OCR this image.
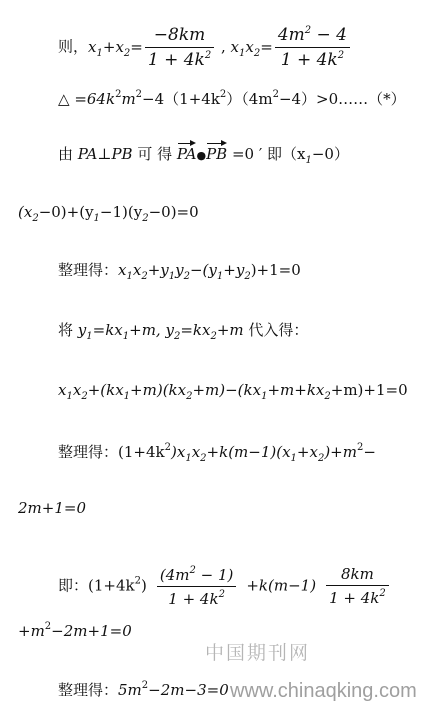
则，$x_1+x_2= \frac{-8km}{1 + 4k^2}$ , $x_1x_2= \frac{4m^2 - 4}{1 + 4k^2}$
△ $=64k^2m^2-4(1+4k^2)(4m^2-4)>0\dots\dots(*)$
由 PA⊥PB 可 得 PA●PB =0 ′ 即$(x_1-0)$
$(x_2-0)+(y_1-1)(y_2-0)=0$
整理得：$x_1x_2+y_1y_2-(y_1+y_2)+1=0$
将 $y_1=kx_1+m$, $y_2=kx_2+m$ 代入得：
$x_1x_2+(kx_1+m)(kx_2+m)-(kx_1+m+kx_2+m)+1=0$
整理得：$(1+4k^2)x_1x_2+k(m-1)(x_1+x_2)+m^2-$
2m+1=0
即：$(1+4k^2) \frac{(4m^2 - 1)}{1 + 4k^2} +k(m-1) \frac{8km}{1 + 4k^2}$
$+m^2-2m+1=0$
整理得：$5m^2-2m-3=0$
中国期刊网
www.chinaqking.com
